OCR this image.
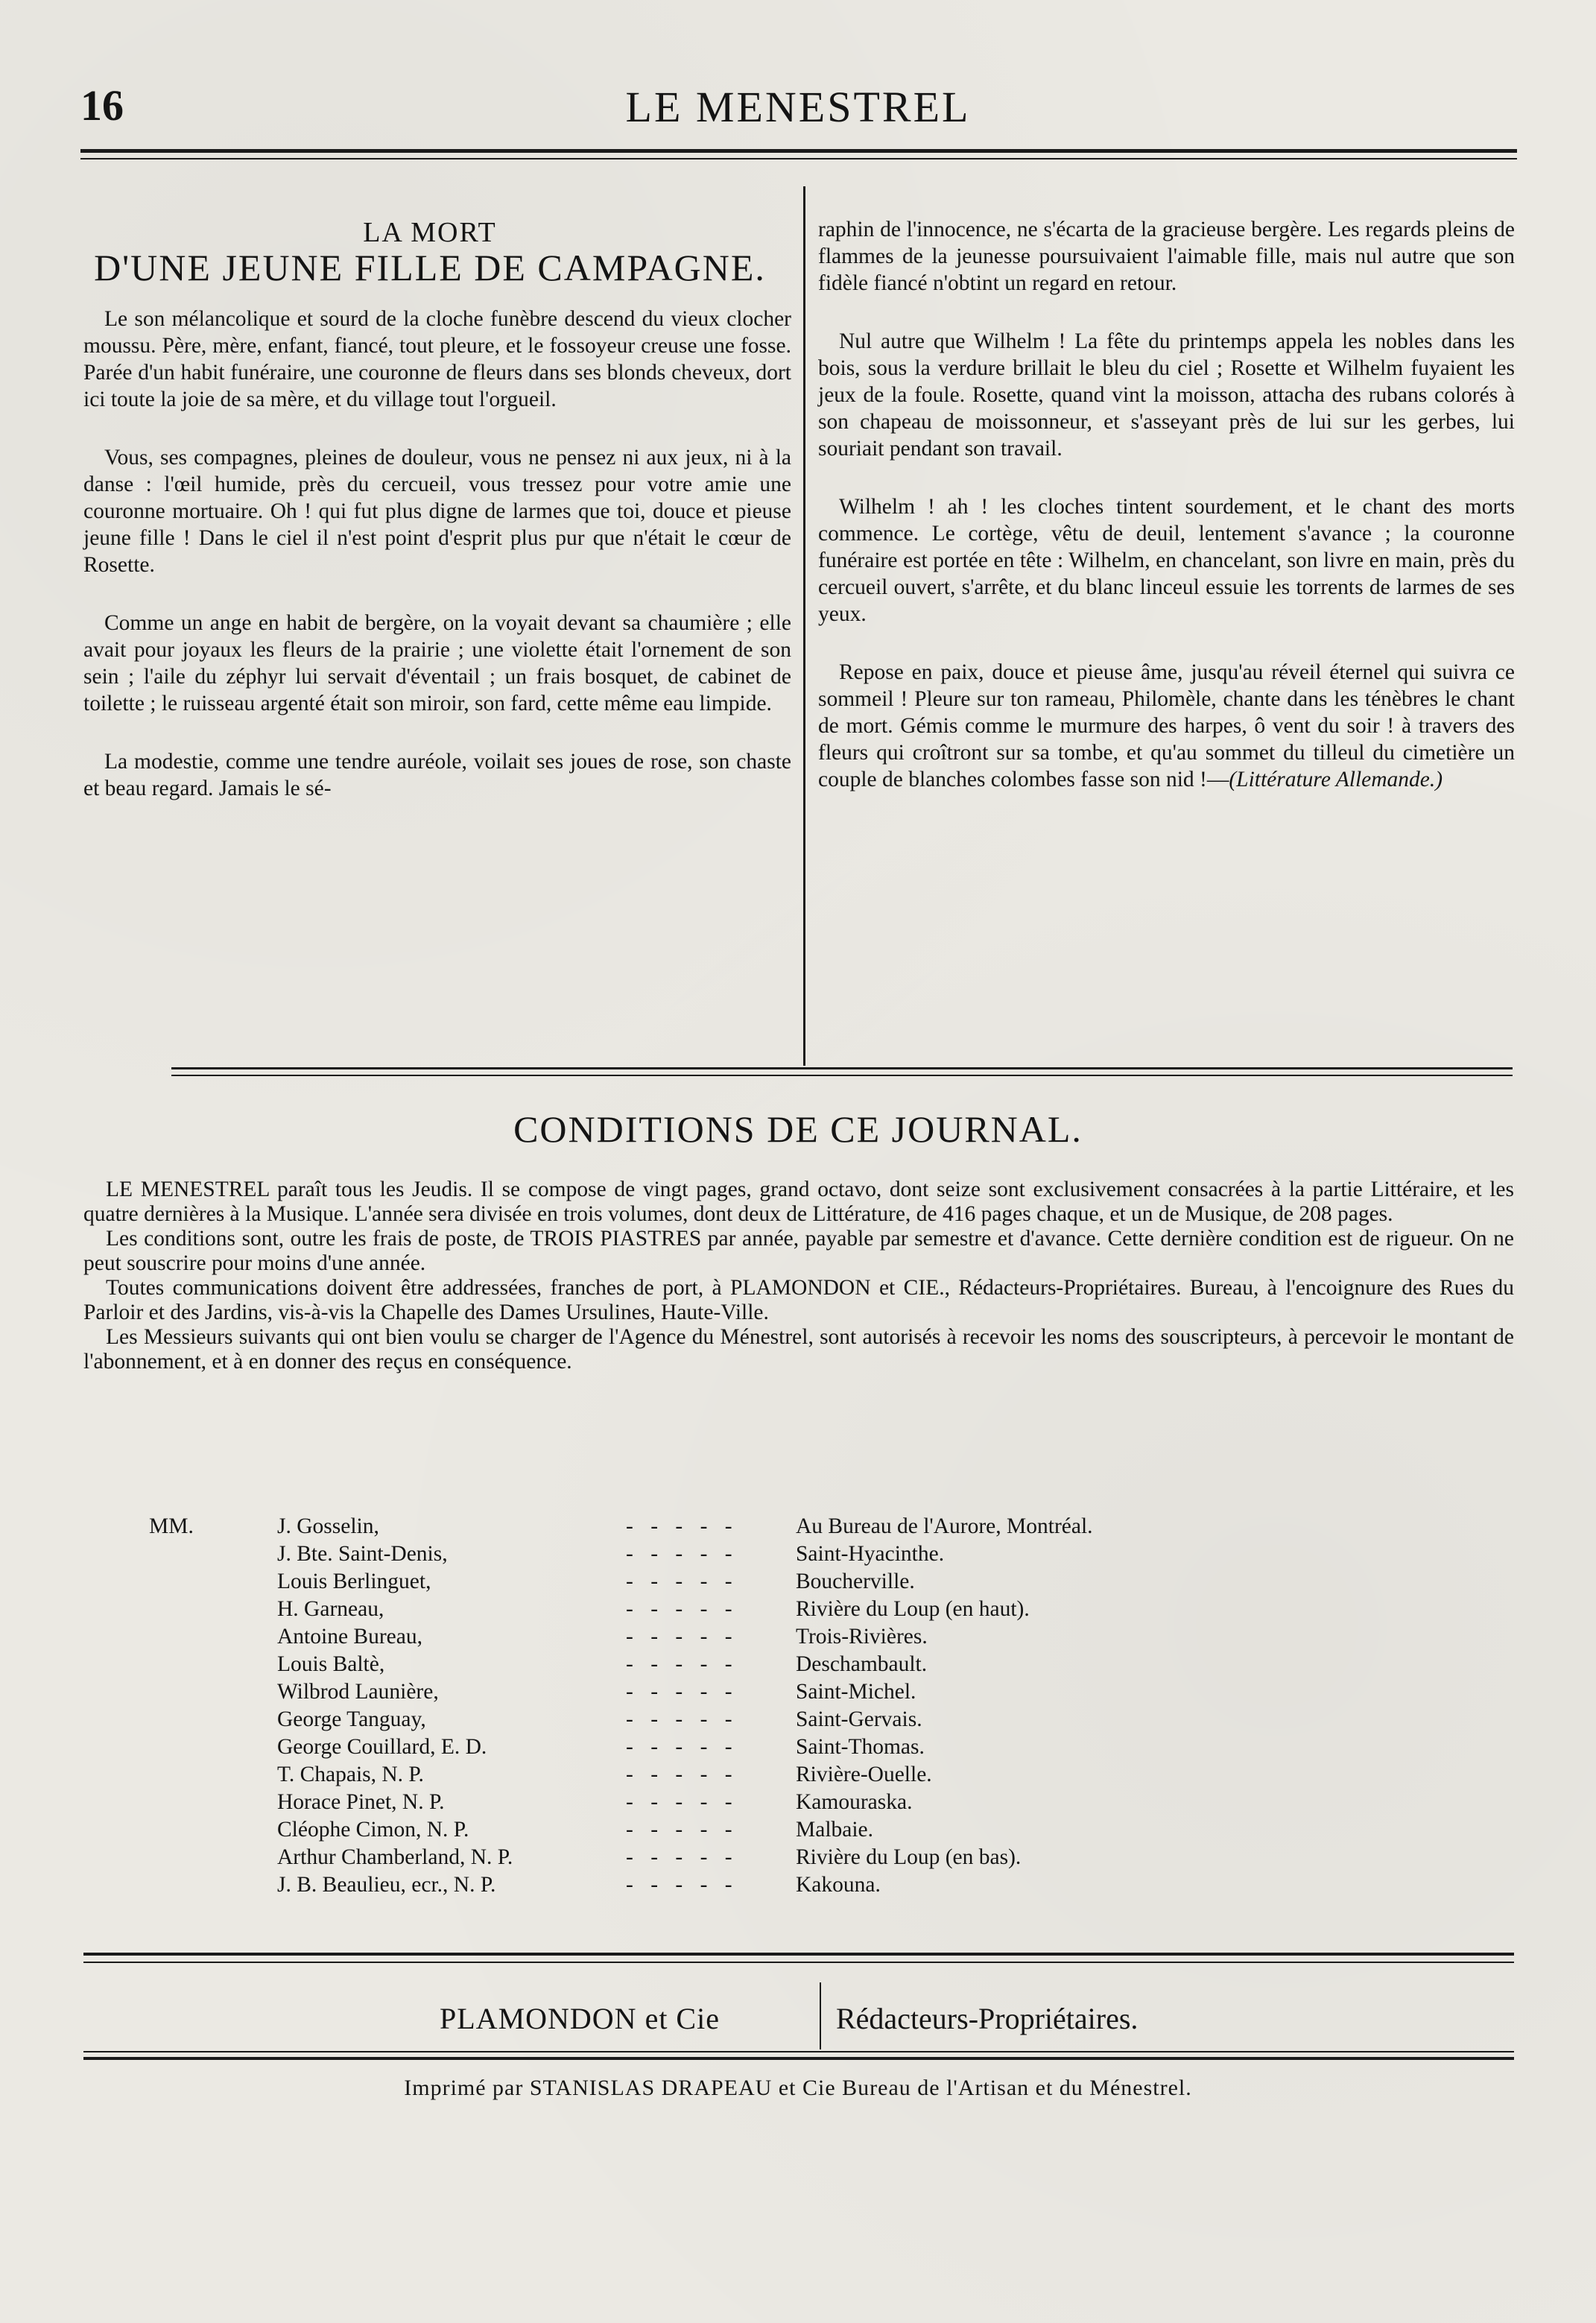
16	LE MENESTREL
LA MORT
D'UNE JEUNE FILLE DE CAMPAGNE.

Le son mélancolique et sourd de la cloche funèbre descend du vieux clocher moussu. Père, mère, enfant, fiancé, tout pleure, et le fossoyeur creuse une fosse. Parée d'un habit funéraire, une couronne de fleurs dans ses blonds cheveux, dort ici toute la joie de sa mère, et du village tout l'orgueil.

Vous, ses compagnes, pleines de douleur, vous ne pensez ni aux jeux, ni à la danse : l'œil humide, près du cercueil, vous tressez pour votre amie une couronne mortuaire. Oh ! qui fut plus digne de larmes que toi, douce et pieuse jeune fille ! Dans le ciel il n'est point d'esprit plus pur que n'était le cœur de Rosette.

Comme un ange en habit de bergère, on la voyait devant sa chaumière ; elle avait pour joyaux les fleurs de la prairie ; une violette était l'ornement de son sein ; l'aile du zéphyr lui servait d'éventail ; un frais bosquet, de cabinet de toilette ; le ruisseau argenté était son miroir, son fard, cette même eau limpide.

La modestie, comme une tendre auréole, voilait ses joues de rose, son chaste et beau regard. Jamais le sé-

raphin de l'innocence, ne s'écarta de la gracieuse bergère. Les regards pleins de flammes de la jeunesse poursuivaient l'aimable fille, mais nul autre que son fidèle fiancé n'obtint un regard en retour.

Nul autre que Wilhelm ! La fête du printemps appela les nobles dans les bois, sous la verdure brillait le bleu du ciel ; Rosette et Wilhelm fuyaient les jeux de la foule. Rosette, quand vint la moisson, attacha des rubans colorés à son chapeau de moissonneur, et s'asseyant près de lui sur les gerbes, lui souriait pendant son travail.

Wilhelm ! ah ! les cloches tintent sourdement, et le chant des morts commence. Le cortège, vêtu de deuil, lentement s'avance ; la couronne funéraire est portée en tête : Wilhelm, en chancelant, son livre en main, près du cercueil ouvert, s'arrête, et du blanc linceul essuie les torrents de larmes de ses yeux.

Repose en paix, douce et pieuse âme, jusqu'au réveil éternel qui suivra ce sommeil ! Pleure sur ton rameau, Philomèle, chante dans les ténèbres le chant de mort. Gémis comme le murmure des harpes, ô vent du soir ! à travers des fleurs qui croîtront sur sa tombe, et qu'au sommet du tilleul du cimetière un couple de blanches colombes fasse son nid !—(Littérature Allemande.)

CONDITIONS DE CE JOURNAL.

LE MENESTREL paraît tous les Jeudis. Il se compose de vingt pages, grand octavo, dont seize sont exclusivement consacrées à la partie Littéraire, et les quatre dernières à la Musique. L'année sera divisée en trois volumes, dont deux de Littérature, de 416 pages chaque, et un de Musique, de 208 pages.

Les conditions sont, outre les frais de poste, de TROIS PIASTRES par année, payable par semestre et d'avance. Cette dernière condition est de rigueur. On ne peut souscrire pour moins d'une année.

Toutes communications doivent être addressées, franches de port, à PLAMONDON et CIE., Rédacteurs-Propriétaires. Bureau, à l'encoignure des Rues du Parloir et des Jardins, vis-à-vis la Chapelle des Dames Ursulines, Haute-Ville.

Les Messieurs suivants qui ont bien voulu se charger de l'Agence du Ménestrel, sont autorisés à recevoir les noms des souscripteurs, à percevoir le montant de l'abonnement, et à en donner des reçus en conséquence.

MM.	J. Gosselin,	- - - - -	Au Bureau de l'Aurore, Montréal.
J. Bte. Saint-Denis,	- - - - -	Saint-Hyacinthe.
Louis Berlinguet,	- - - - -	Boucherville.
H. Garneau,	- - - - -	Rivière du Loup (en haut).
Antoine Bureau,	- - - - -	Trois-Rivières.
Louis Baltè,	- - - - -	Deschambault.
Wilbrod Launière,	- - - - -	Saint-Michel.
George Tanguay,	- - - - -	Saint-Gervais.
George Couillard, E. D.	- - - - -	Saint-Thomas.
T. Chapais, N. P.	- - - - -	Rivière-Ouelle.
Horace Pinet, N. P.	- - - - -	Kamouraska.
Cléophe Cimon, N. P.	- - - - -	Malbaie.
Arthur Chamberland, N. P.	- - - - -	Rivière du Loup (en bas).
J. B. Beaulieu, ecr., N. P.	- - - - -	Kakouna.
PLAMONDON et Cie	Rédacteurs-Propriétaires.
Imprimé par STANISLAS DRAPEAU et Cie Bureau de l'Artisan et du Ménestrel.
